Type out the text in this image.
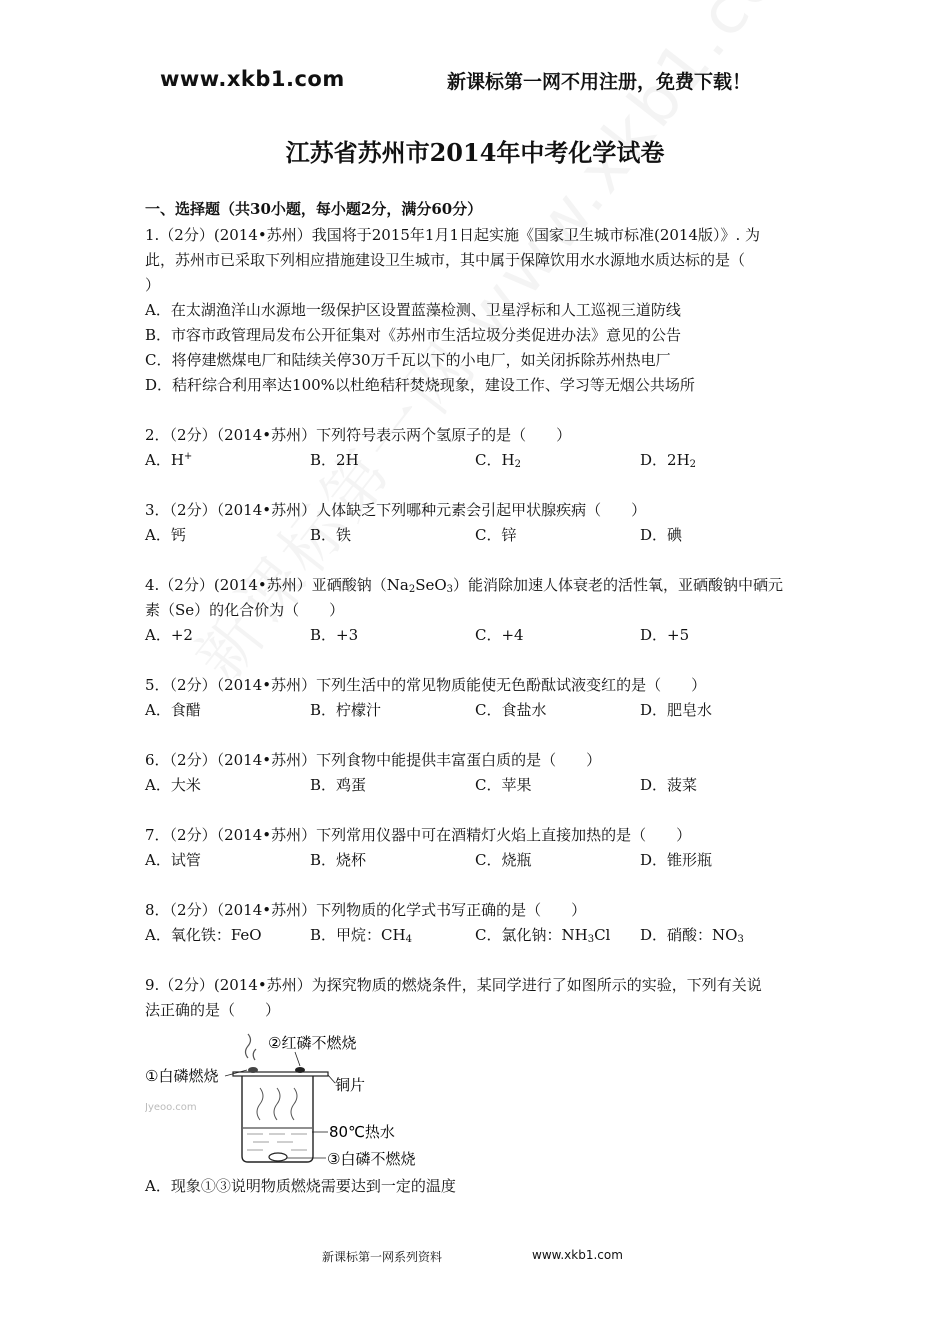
www.xkb1.com	新课标第一网不用注册，免费下载！
江苏省苏州市2014年中考化学试卷
一、选择题（共30小题，每小题2分，满分60分）
1.（2分）(2014•苏州）我国将于2015年1月1日起实施《国家卫生城市标准(2014版）》. 为
此，苏州市已采取下列相应措施建设卫生城市，其中属于保障饮用水水源地水质达标的是（
）
A．在太湖渔洋山水源地一级保护区设置蓝藻检测、卫星浮标和人工巡视三道防线
B．市容市政管理局发布公开征集对《苏州市生活垃圾分类促进办法》意见的公告
C．将停建燃煤电厂和陆续关停30万千瓦以下的小电厂，如关闭拆除苏州热电厂
D．秸秆综合利用率达100%以杜绝秸秆焚烧现象，建设工作、学习等无烟公共场所
2．（2分）（2014•苏州）下列符号表示两个氢原子的是（　　）
A．H+	B．2H	C．$H_2$	D．$2H_2$
3．（2分）（2014•苏州）人体缺乏下列哪种元素会引起甲状腺疾病（　　）
A．钙	B．铁	C．锌	D．碘
4.（2分）(2014•苏州）亚硒酸钠$(Na_2SeO_3)$能消除加速人体衰老的活性氧，亚硒酸钠中硒元
素（Se）的化合价为（　　）
A．+2	B．+3	C．+4	D．+5
5．（2分）（2014•苏州）下列生活中的常见物质能使无色酚酞试液变红的是（　　）
A．食醋	B．柠檬汁	C．食盐水	D．肥皂水
6．（2分）（2014•苏州）下列食物中能提供丰富蛋白质的是（　　）
A．大米	B．鸡蛋	C．苹果	D．菠菜
7．（2分）（2014•苏州）下列常用仪器中可在酒精灯火焰上直接加热的是（　　）
A．试管	B．烧杯	C．烧瓶	D．锥形瓶
8．（2分）（2014•苏州）下列物质的化学式书写正确的是（　　）
A．氧化铁：FeO	B．甲烷：$CH_4$	C．氯化钠：$NH_3Cl$	D．硝酸：$NO_3$
9.（2分）(2014•苏州）为探究物质的燃烧条件，某同学进行了如图所示的实验，下列有关说
法正确的是（　　）
①白磷燃烧
②红磷不燃烧
铜片
80℃热水
③白磷不燃烧
Jyeoo.com
A．现象①③说明物质燃烧需要达到一定的温度
新课标第一网系列资料	www.xkb1.com
